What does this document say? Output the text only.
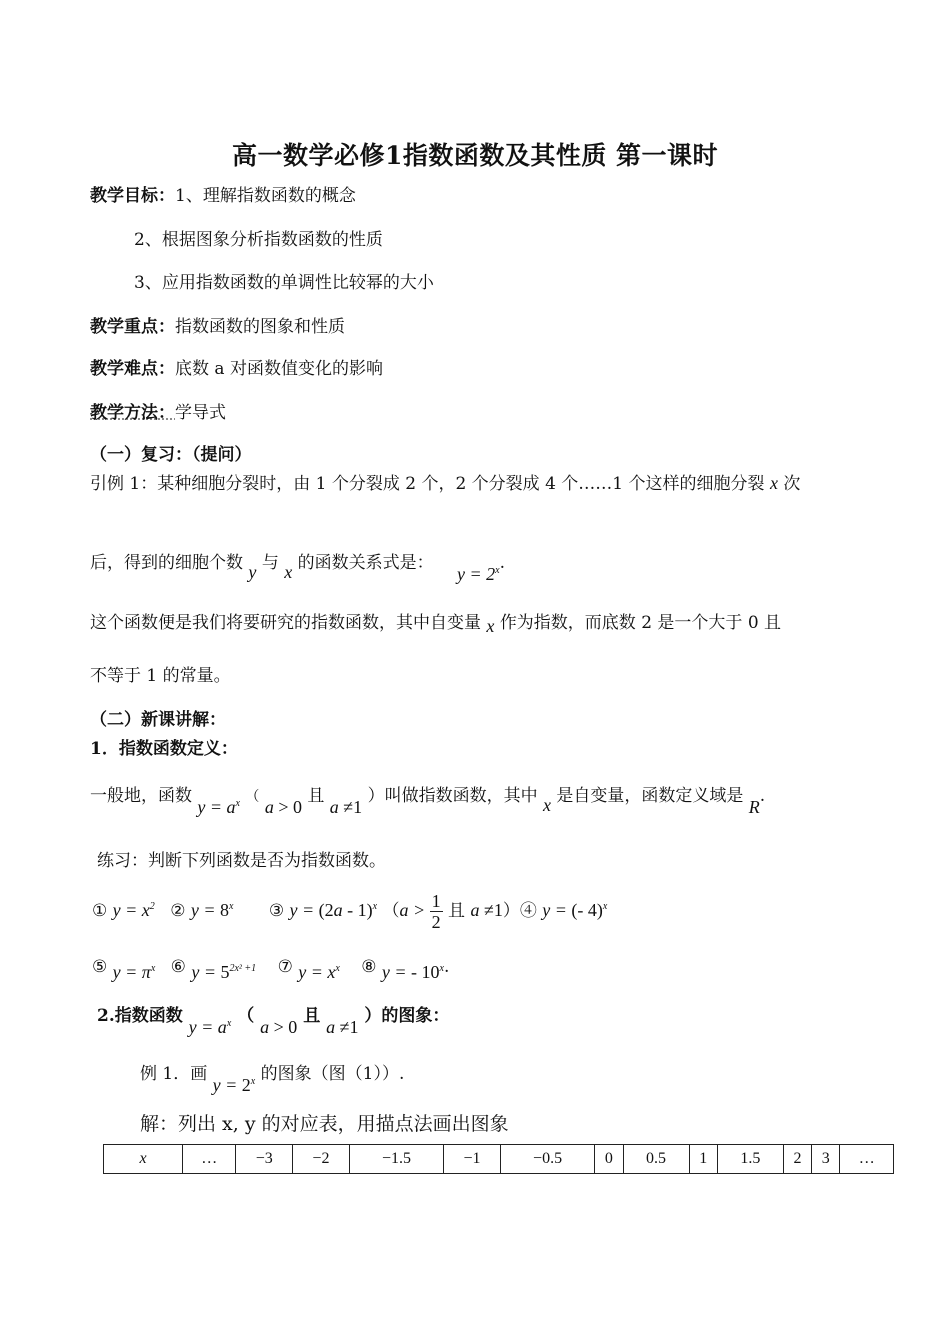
高一数学必修1指数函数及其性质 第一课时
教学目标：1、理解指数函数的概念
2、根据图象分析指数函数的性质
3、应用指数函数的单调性比较幂的大小
教学重点：指数函数的图象和性质
教学难点：底数 a 对函数值变化的影响
教学方法：学导式
（一）复习：（提问）
引例 1：某种细胞分裂时，由 1 个分裂成 2 个，2 个分裂成 4 个……1 个这样的细胞分裂 x 次
后，得到的细胞个数 y 与 x 的函数关系式是： $y = 2^x$.
这个函数便是我们将要研究的指数函数，其中自变量 x 作为指数，而底数 2 是一个大于 0 且
不等于 1 的常量。
（二）新课讲解：
1．指数函数定义：
一般地，函数 $y = a^x$ （ a > 0 且 a ≠1 ）叫做指数函数，其中 x 是自变量，函数定义域是 R.
练习：判断下列函数是否为指数函数。
① $y = x^2$ ② $y = 8^x$ ③ y = (2a - 1)$^x$ （$a > \frac{1}{2}$ 且 a ≠1）④ y = (- 4)$^x$
⑤ $y = \pi^x$ ⑥ $y = 5^{2x^2 +1}$ ⑦ $y = x^x$ ⑧ y = - 10$^x$.
2.指数函数 $y = a^x$ （ a > 0 且 a ≠1 ）的图象：
例 1．画 $y = 2^x$ 的图象（图（1））.
解：列出 x, y 的对应表，用描点法画出图象
x	…	−3	−2	−1.5	−1	−0.5	0	0.5	1	1.5	2	3	…
